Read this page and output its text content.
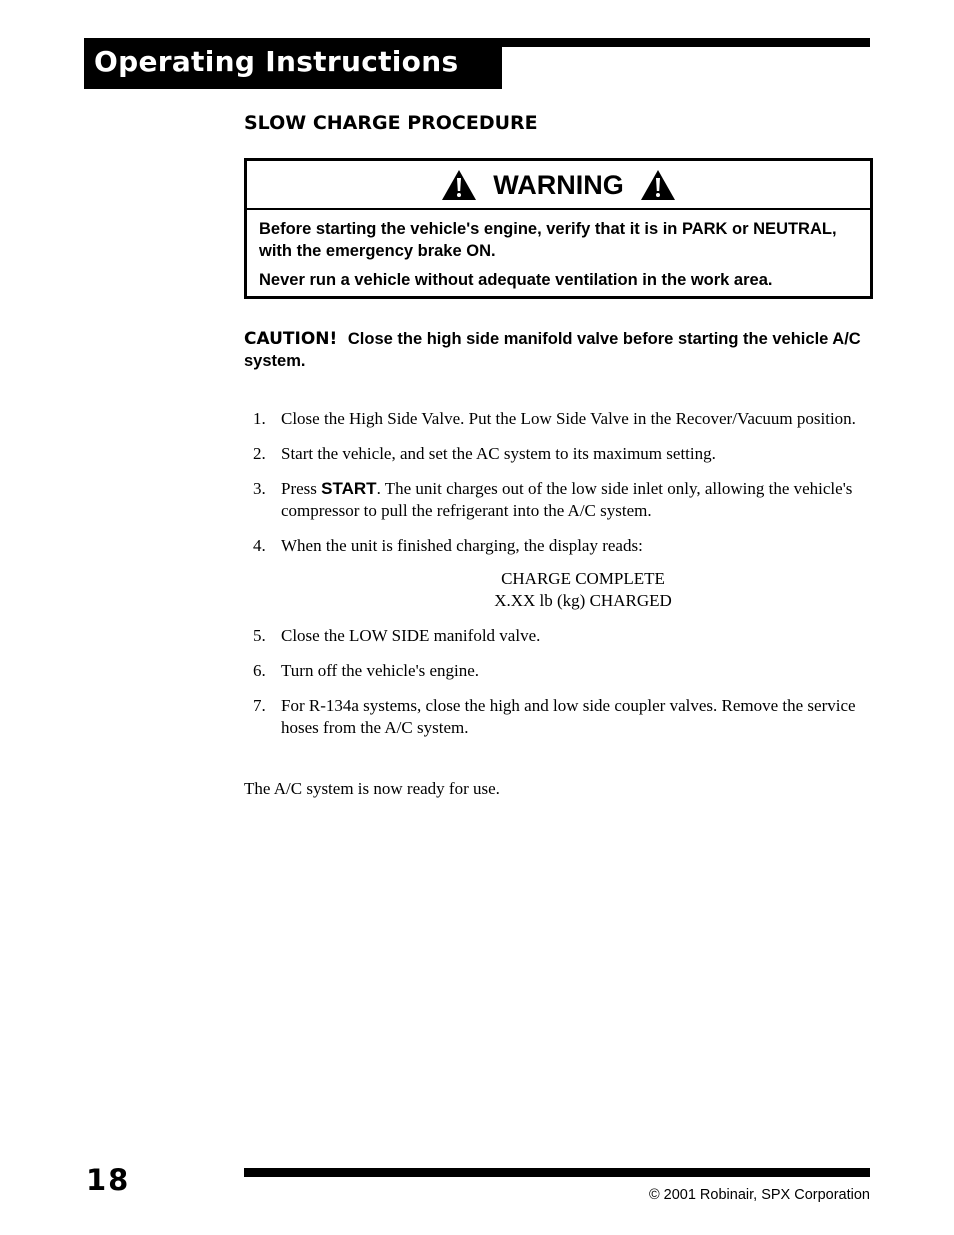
Operating Instructions
SLOW CHARGE PROCEDURE
WARNING

Before starting the vehicle's engine, verify that it is in PARK or NEUTRAL, with the emergency brake ON.

Never run a vehicle without adequate ventilation in the work area.

CAUTION! Close the high side manifold valve before starting the vehicle A/C system.
1. Close the High Side Valve. Put the Low Side Valve in the Recover/Vacuum position.
2. Start the vehicle, and set the AC system to its maximum setting.
3. Press START. The unit charges out of the low side inlet only, allowing the vehicle's compressor to pull the refrigerant into the A/C system.
4. When the unit is finished charging, the display reads:
CHARGE COMPLETE
X.XX lb (kg) CHARGED
5. Close the LOW SIDE manifold valve.
6. Turn off the vehicle's engine.
7. For R-134a systems, close the high and low side coupler valves. Remove the service hoses from the A/C system.
The A/C system is now ready for use.
18	© 2001 Robinair, SPX Corporation
